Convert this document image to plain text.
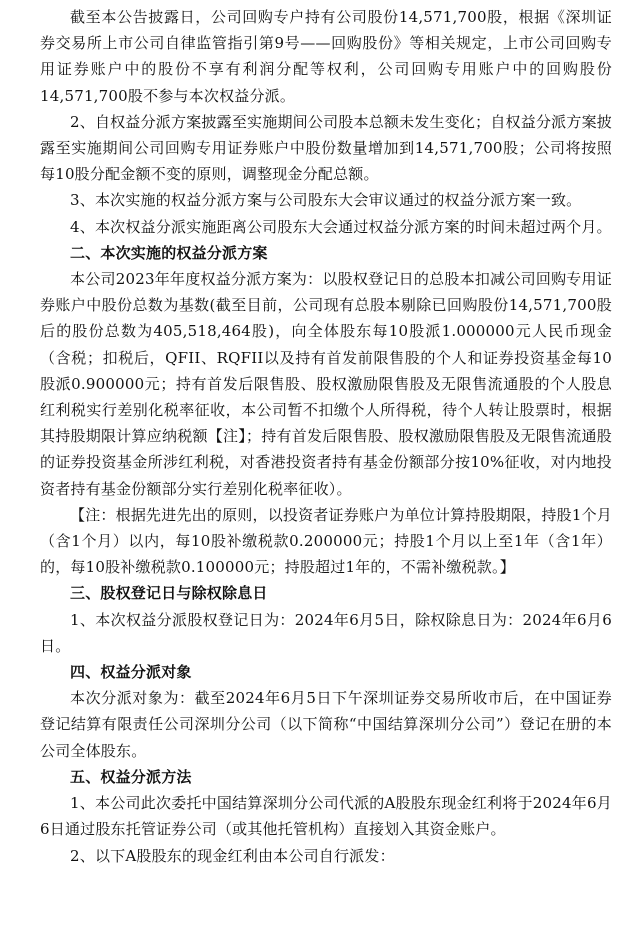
截至本公告披露日，公司回购专户持有公司股份14,571,700股，根据《深圳证券交易所上市公司自律监管指引第9号——回购股份》等相关规定，上市公司回购专用证券账户中的股份不享有利润分配等权利，公司回购专用账户中的回购股份14,571,700股不参与本次权益分派。

2、自权益分派方案披露至实施期间公司股本总额未发生变化；自权益分派方案披露至实施期间公司回购专用证券账户中股份数量增加到14,571,700股；公司将按照每10股分配金额不变的原则，调整现金分配总额。

3、本次实施的权益分派方案与公司股东大会审议通过的权益分派方案一致。

4、本次权益分派实施距离公司股东大会通过权益分派方案的时间未超过两个月。

二、本次实施的权益分派方案

本公司2023年年度权益分派方案为：以股权登记日的总股本扣减公司回购专用证券账户中股份总数为基数(截至目前，公司现有总股本剔除已回购股份14,571,700股后的股份总数为405,518,464股)，向全体股东每10股派1.000000元人民币现金（含税；扣税后，QFII、RQFII以及持有首发前限售股的个人和证券投资基金每10股派0.900000元；持有首发后限售股、股权激励限售股及无限售流通股的个人股息红利税实行差别化税率征收，本公司暂不扣缴个人所得税，待个人转让股票时，根据其持股期限计算应纳税额【注】；持有首发后限售股、股权激励限售股及无限售流通股的证券投资基金所涉红利税，对香港投资者持有基金份额部分按10%征收，对内地投资者持有基金份额部分实行差别化税率征收）。

【注：根据先进先出的原则，以投资者证券账户为单位计算持股期限，持股1个月（含1个月）以内，每10股补缴税款0.200000元；持股1个月以上至1年（含1年）的，每10股补缴税款0.100000元；持股超过1年的，不需补缴税款。】

三、股权登记日与除权除息日

1、本次权益分派股权登记日为：2024年6月5日，除权除息日为：2024年6月6日。

四、权益分派对象

本次分派对象为：截至2024年6月5日下午深圳证券交易所收市后，在中国证券登记结算有限责任公司深圳分公司（以下简称“中国结算深圳分公司”）登记在册的本公司全体股东。

五、权益分派方法

1、本公司此次委托中国结算深圳分公司代派的A股股东现金红利将于2024年6月6日通过股东托管证券公司（或其他托管机构）直接划入其资金账户。

2、以下A股股东的现金红利由本公司自行派发：
